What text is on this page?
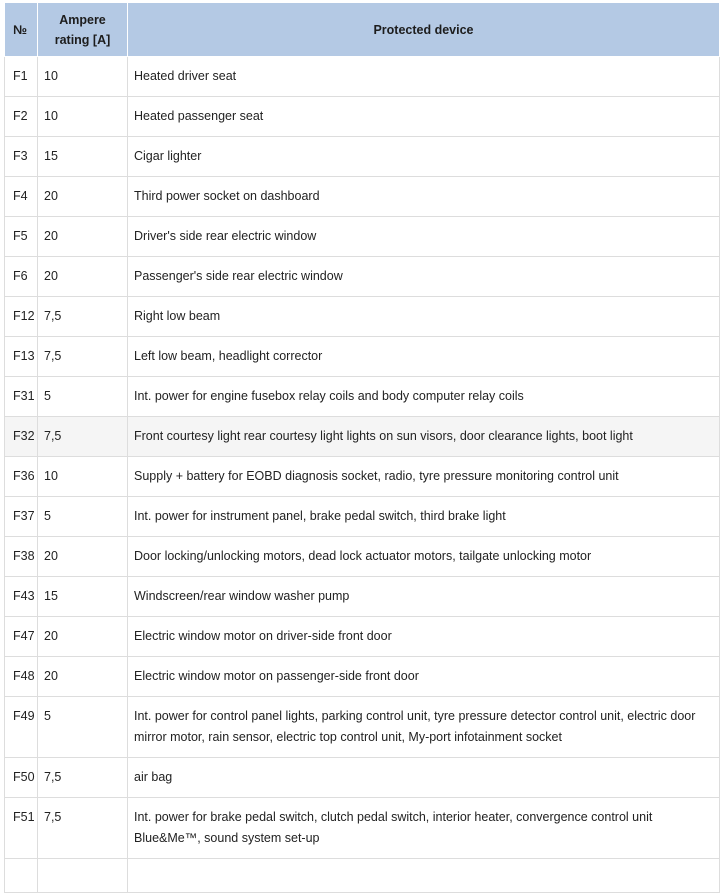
№	Ampere rating [A]	Protected device
F1	10	Heated driver seat
F2	10	Heated passenger seat
F3	15	Cigar lighter
F4	20	Third power socket on dashboard
F5	20	Driver's side rear electric window
F6	20	Passenger's side rear electric window
F12	7,5	Right low beam
F13	7,5	Left low beam, headlight corrector
F31	5	Int. power for engine fusebox relay coils and body computer relay coils
F32	7,5	Front courtesy light rear courtesy light lights on sun visors, door clearance lights, boot light
F36	10	Supply + battery for EOBD diagnosis socket, radio, tyre pressure monitoring control unit
F37	5	Int. power for instrument panel, brake pedal switch, third brake light
F38	20	Door locking/unlocking motors, dead lock actuator motors, tailgate unlocking motor
F43	15	Windscreen/rear window washer pump
F47	20	Electric window motor on driver-side front door
F48	20	Electric window motor on passenger-side front door
F49	5	Int. power for control panel lights, parking control unit, tyre pressure detector control unit, electric door mirror motor, rain sensor, electric top control unit, My-port infotainment socket
F50	7,5	air bag
F51	7,5	Int. power for brake pedal switch, clutch pedal switch, interior heater, convergence control unit Blue&Me™, sound system set-up
